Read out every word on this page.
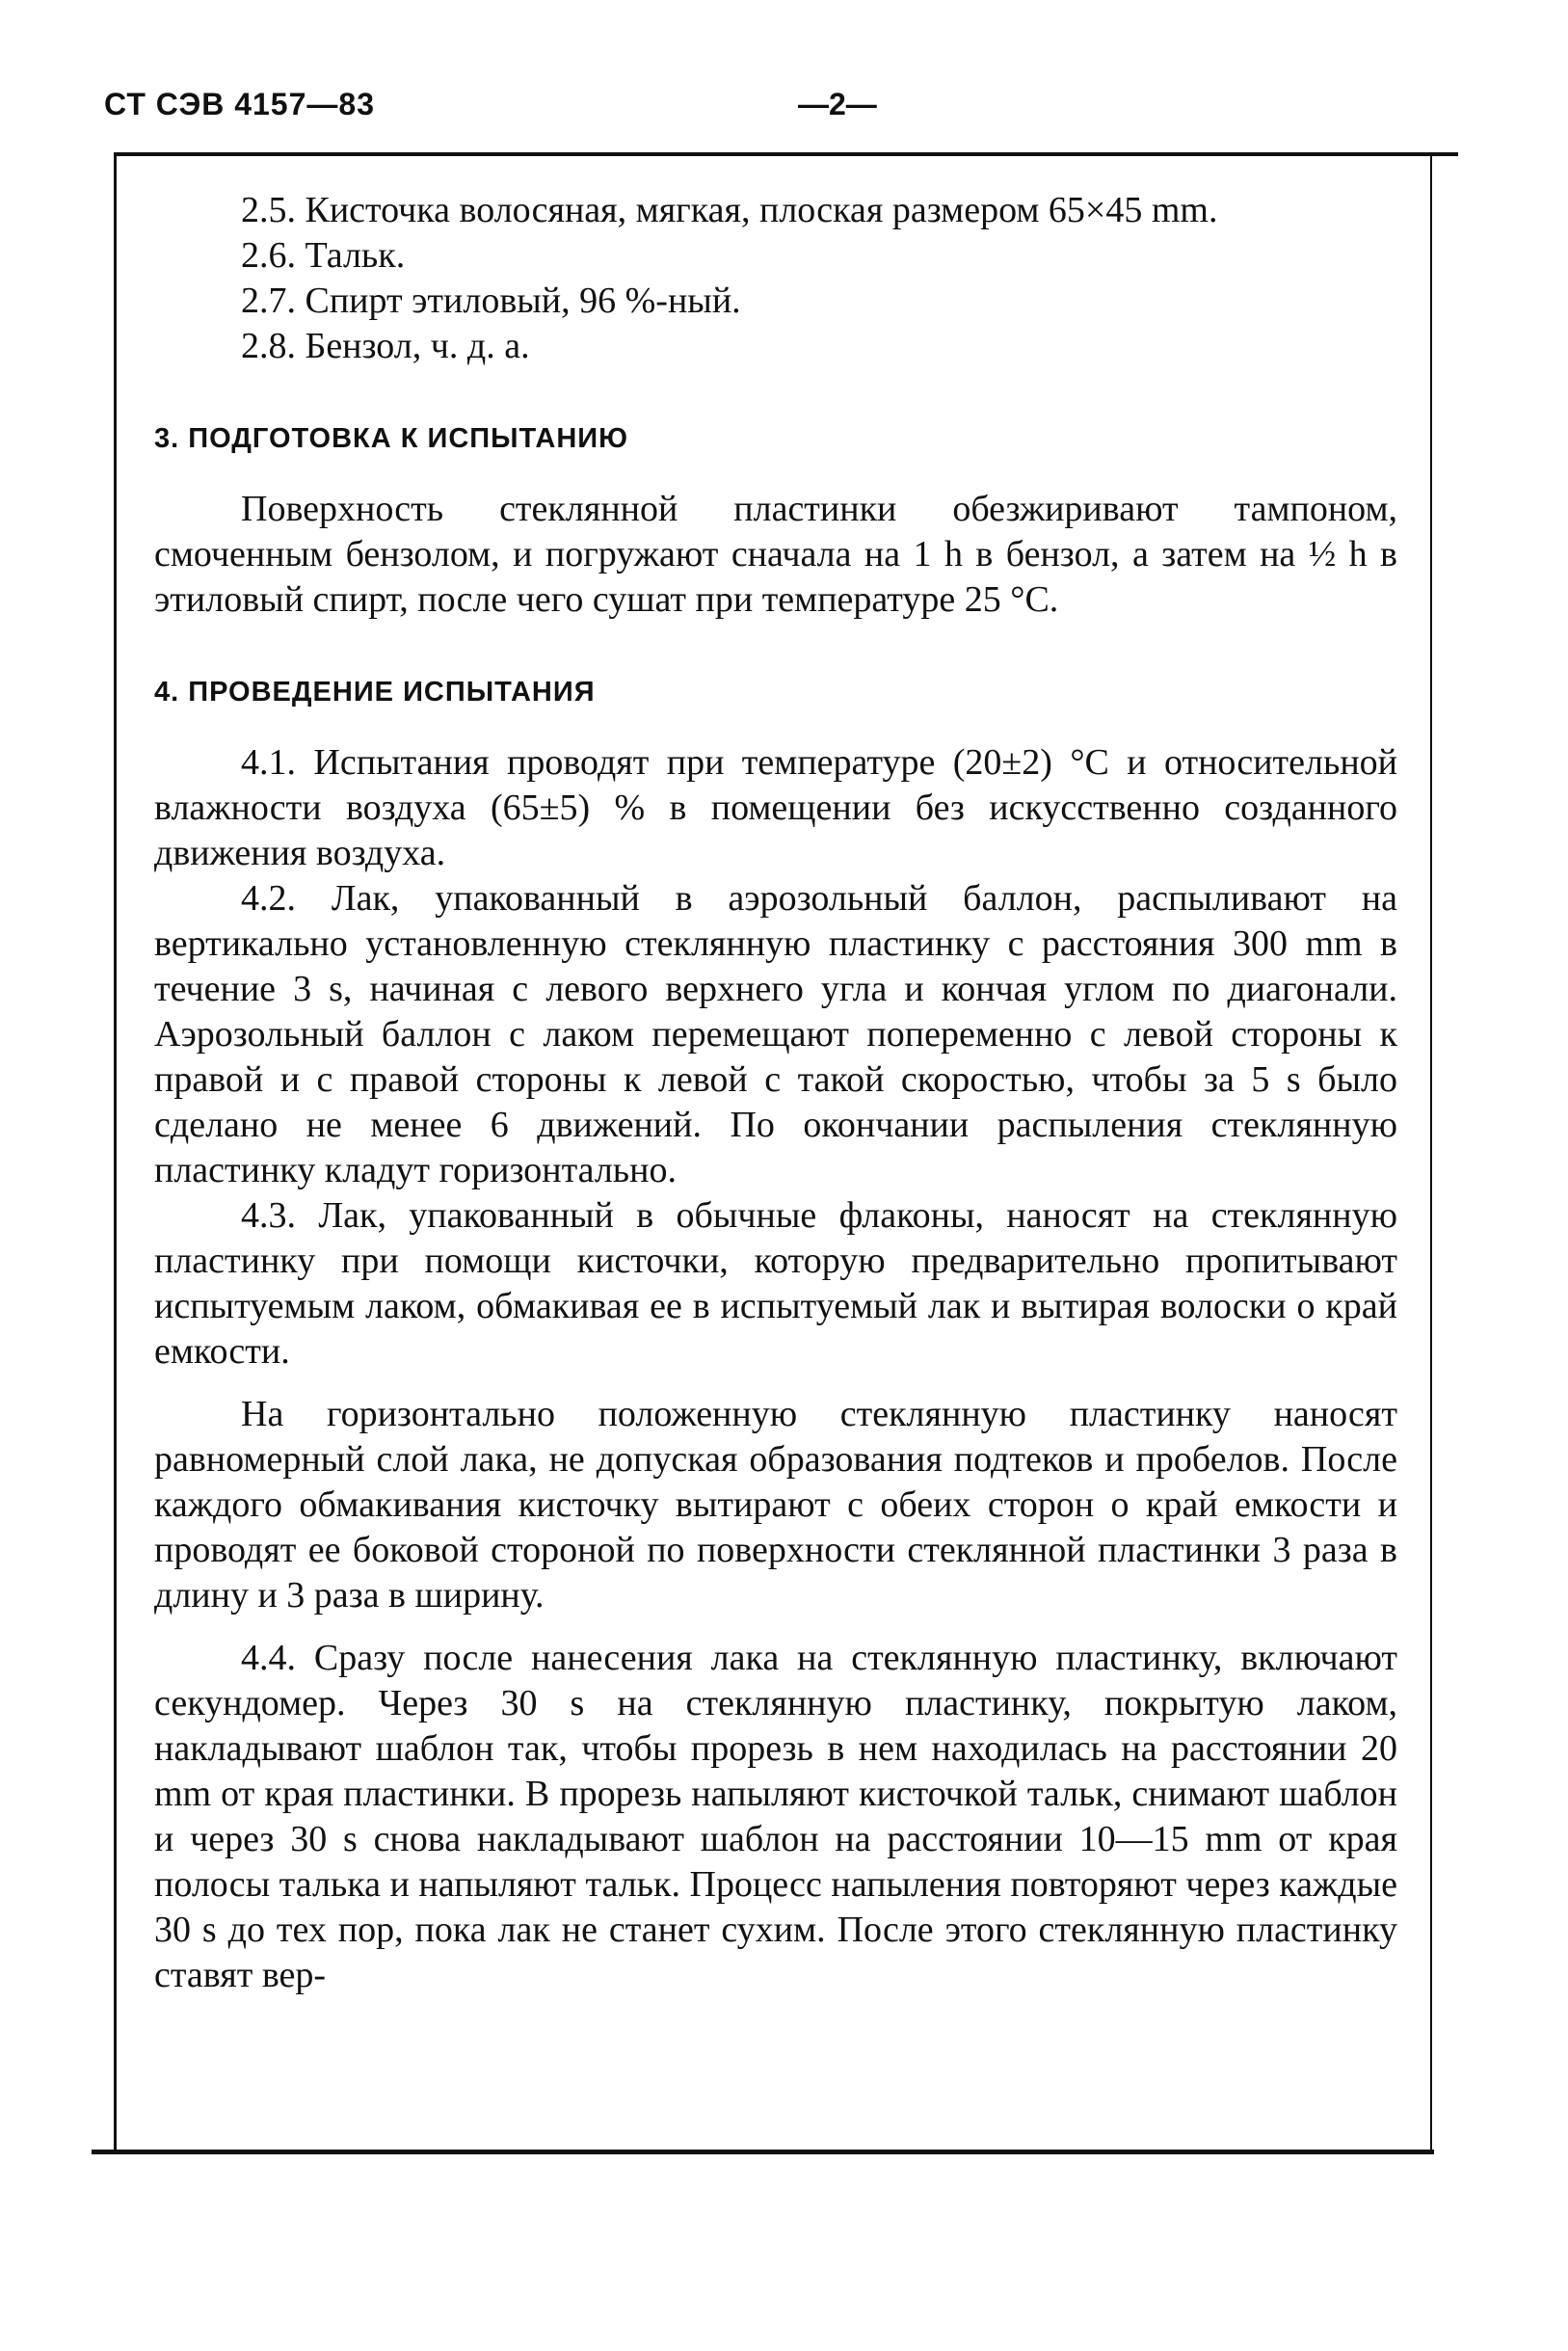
СТ СЭВ 4157—83	—2—

2.5. Кисточка волосяная, мягкая, плоская размером 65×45 mm.

2.6. Тальк.

2.7. Спирт этиловый, 96 %-ный.

2.8. Бензол, ч. д. а.

3. ПОДГОТОВКА К ИСПЫТАНИЮ

Поверхность стеклянной пластинки обезжиривают тампоном, смоченным бензолом, и погружают сначала на 1 h в бензол, а затем на ½ h в этиловый спирт, после чего сушат при температуре 25 °C.

4. ПРОВЕДЕНИЕ ИСПЫТАНИЯ

4.1. Испытания проводят при температуре (20±2) °C и относительной влажности воздуха (65±5) % в помещении без искусственно созданного движения воздуха.

4.2. Лак, упакованный в аэрозольный баллон, распыливают на вертикально установленную стеклянную пластинку с расстояния 300 mm в течение 3 s, начиная с левого верхнего угла и кончая углом по диагонали. Аэрозольный баллон с лаком перемещают попеременно с левой стороны к правой и с правой стороны к левой с такой скоростью, чтобы за 5 s было сделано не менее 6 движений. По окончании распыления стеклянную пластинку кладут горизонтально.

4.3. Лак, упакованный в обычные флаконы, наносят на стеклянную пластинку при помощи кисточки, которую предварительно пропитывают испытуемым лаком, обмакивая ее в испытуемый лак и вытирая волоски о край емкости.

На горизонтально положенную стеклянную пластинку наносят равномерный слой лака, не допуская образования подтеков и пробелов. После каждого обмакивания кисточку вытирают с обеих сторон о край емкости и проводят ее боковой стороной по поверхности стеклянной пластинки 3 раза в длину и 3 раза в ширину.

4.4. Сразу после нанесения лака на стеклянную пластинку, включают секундомер. Через 30 s на стеклянную пластинку, покрытую лаком, накладывают шаблон так, чтобы прорезь в нем находилась на расстоянии 20 mm от края пластинки. В прорезь напыляют кисточкой тальк, снимают шаблон и через 30 s снова накладывают шаблон на расстоянии 10—15 mm от края полосы талька и напыляют тальк. Процесс напыления повторяют через каждые 30 s до тех пор, пока лак не станет сухим. После этого стеклянную пластинку ставят вер-
